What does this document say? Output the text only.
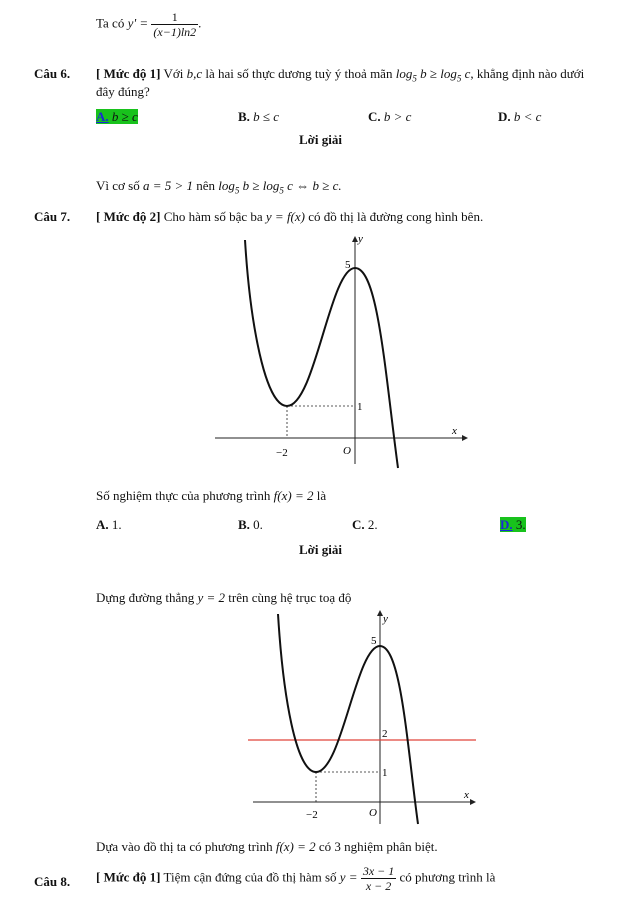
Ta có $y' = \frac{1}{(x-1)\ln 2}$ .
Câu 6. [ Mức độ 1] Với b,c là hai số thực dương tuỳ ý thoả mãn $\log_5 b \ge \log_5 c$, khẳng định nào dưới
đây đúng?
A. b ≥ c	B. b ≤ c	C. b > c	D. b < c
Lời giải
Vì cơ số a = 5 > 1 nên $\log_5 b \ge \log_5 c$ ⇔ b ≥ c.
Câu 7. [ Mức độ 2] Cho hàm số bậc ba y = f(x) có đồ thị là đường cong hình bên.
y
x
O
5
1
−2
Số nghiệm thực của phương trình f(x) = 2 là
A. 1.	B. 0.	C. 2.	D. 3.
Lời giải
Dựng đường thẳng y = 2 trên cùng hệ trục toạ độ
y
x
O
5
2
1
−2
Dựa vào đồ thị ta có phương trình f(x) = 2 có 3 nghiệm phân biệt.
Câu 8. [ Mức độ 1] Tiệm cận đứng của đồ thị hàm số $y = \frac{3x - 1}{x - 2}$ có phương trình là
